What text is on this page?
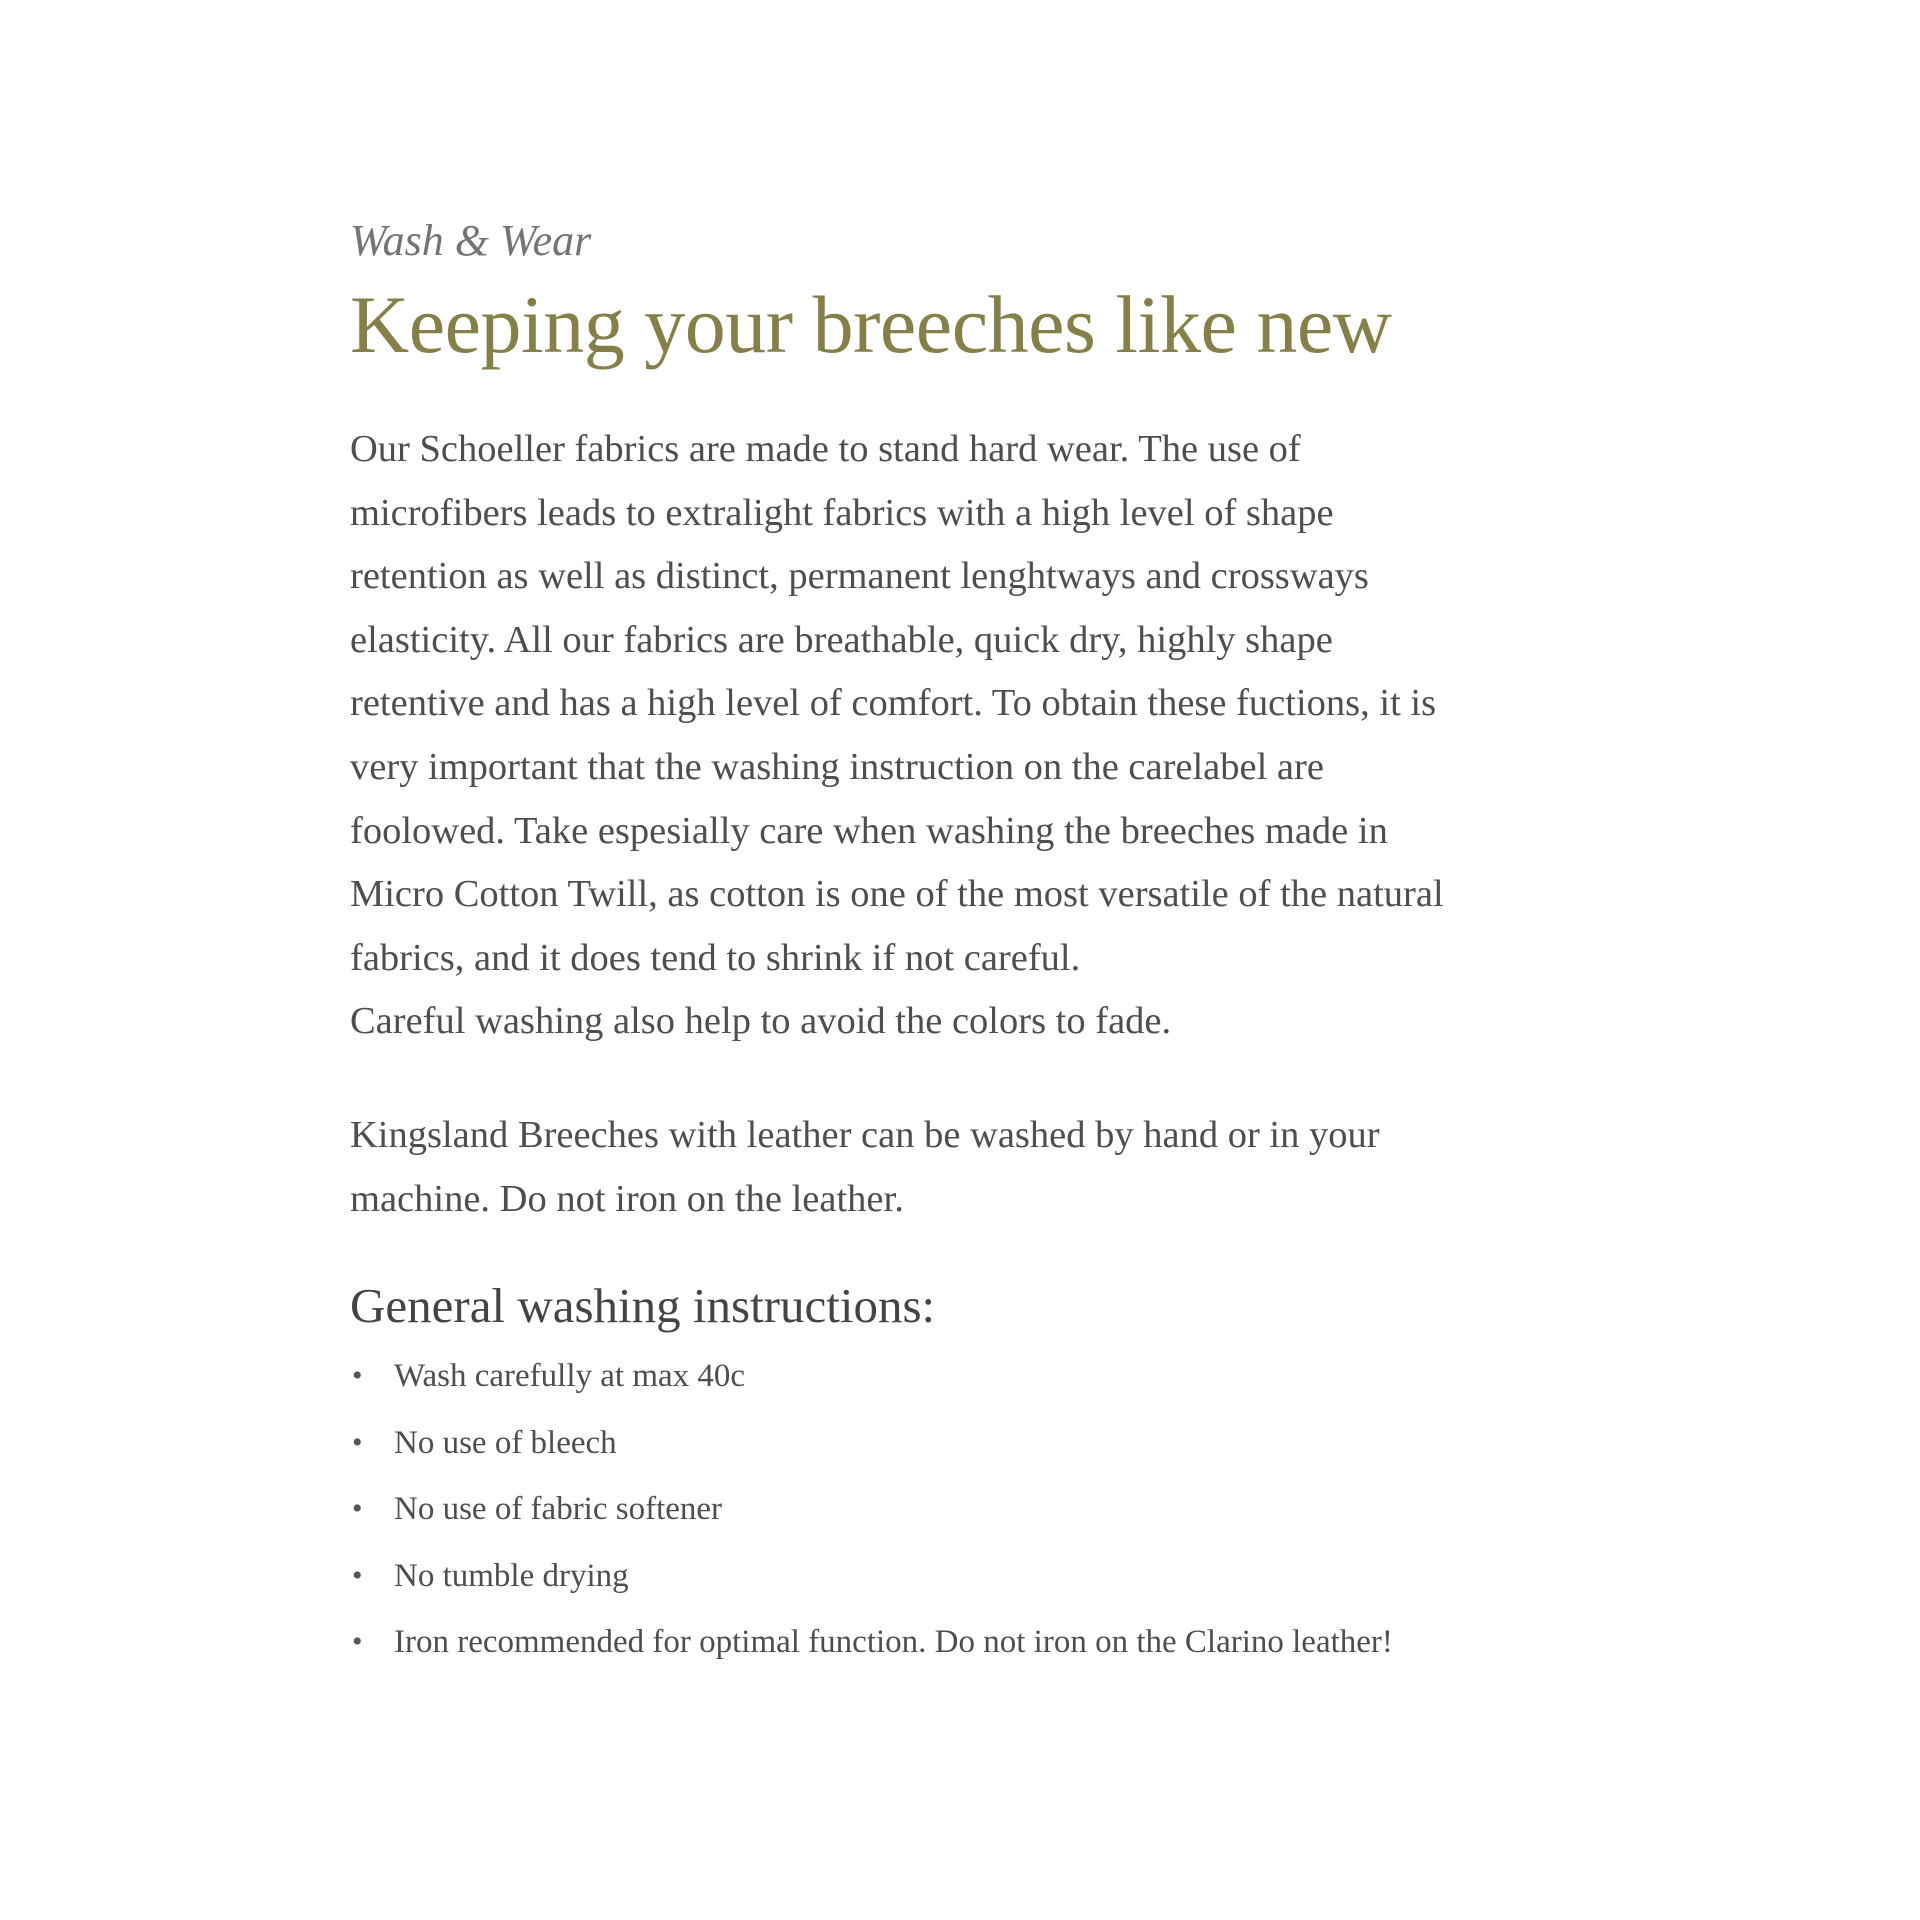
Wash & Wear

Keeping your breeches like new

Our Schoeller fabrics are made to stand hard wear. The use of
microfibers leads to extralight fabrics with a high level of shape
retention as well as distinct, permanent lenghtways and crossways
elasticity. All our fabrics are breathable, quick dry, highly shape
retentive and has a high level of comfort. To obtain these fuctions, it is
very important that the washing instruction on the carelabel are
foolowed. Take espesially care when washing the breeches made in
Micro Cotton Twill, as cotton is one of the most versatile of the natural
fabrics, and it does tend to shrink if not careful.
Careful washing also help to avoid the colors to fade.

Kingsland Breeches with leather can be washed by hand or in your
machine. Do not iron on the leather.

General washing instructions:
• Wash carefully at max 40c
• No use of bleech
• No use of fabric softener
• No tumble drying
• Iron recommended for optimal function. Do not iron on the Clarino leather!
